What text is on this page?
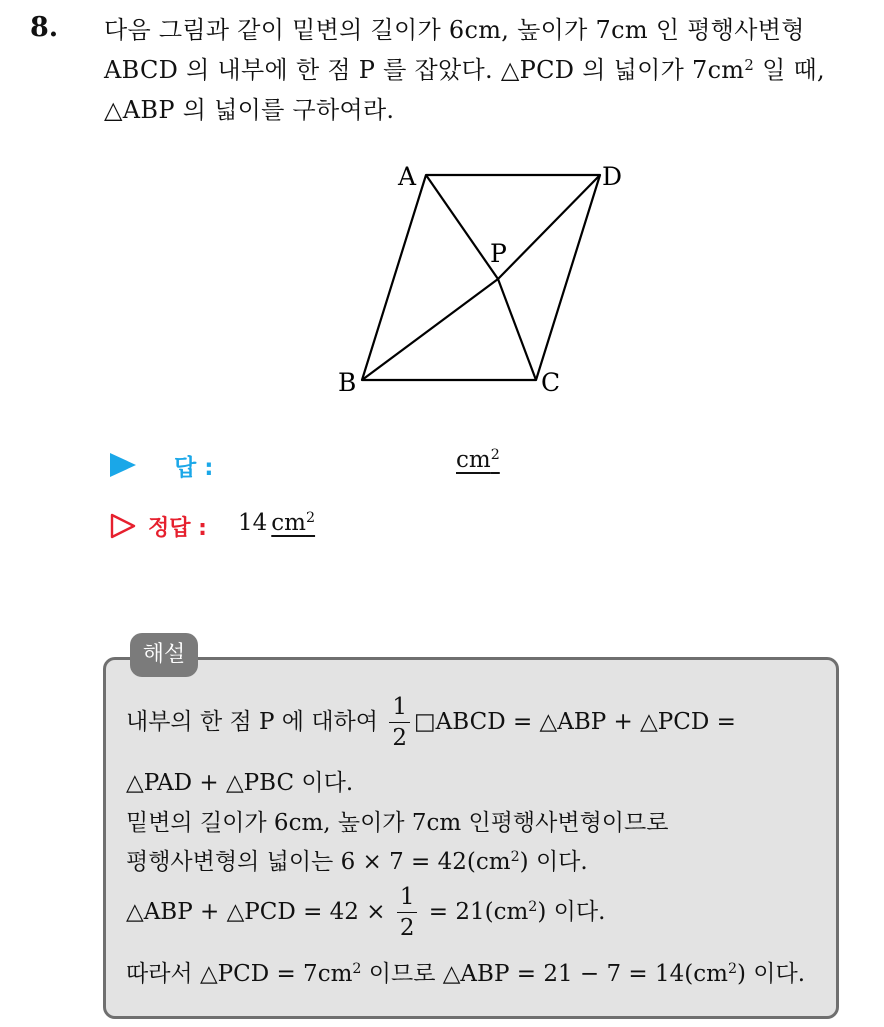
8. 다음 그림과 같이 밑변의 길이가 6cm, 높이가 7cm 인 평행사변형

ABCD 의 내부에 한 점 P 를 잡았다. △PCD 의 넓이가 $7cm^2$ 일 때,

△ABP 의 넓이를 구하여라.

A	D
B	C
P
답 :	$cm^2$
정답 : 14 $cm^2$
해설
내부의 한 점 P 에 대하여 $\frac{1}{2}$ □ABCD = △ABP + △PCD =
△PAD + △PBC 이다.
밑변의 길이가 6cm, 높이가 7cm 인평행사변형이므로
평행사변형의 넓이는 $6 \times 7 = 42(cm^2)$ 이다.
△ABP + △PCD = $42 \times \frac{1}{2} = 21(cm^2)$ 이다.
따라서 △PCD = $7cm^2$ 이므로 △ABP = $21 - 7 = 14(cm^2)$ 이다.
